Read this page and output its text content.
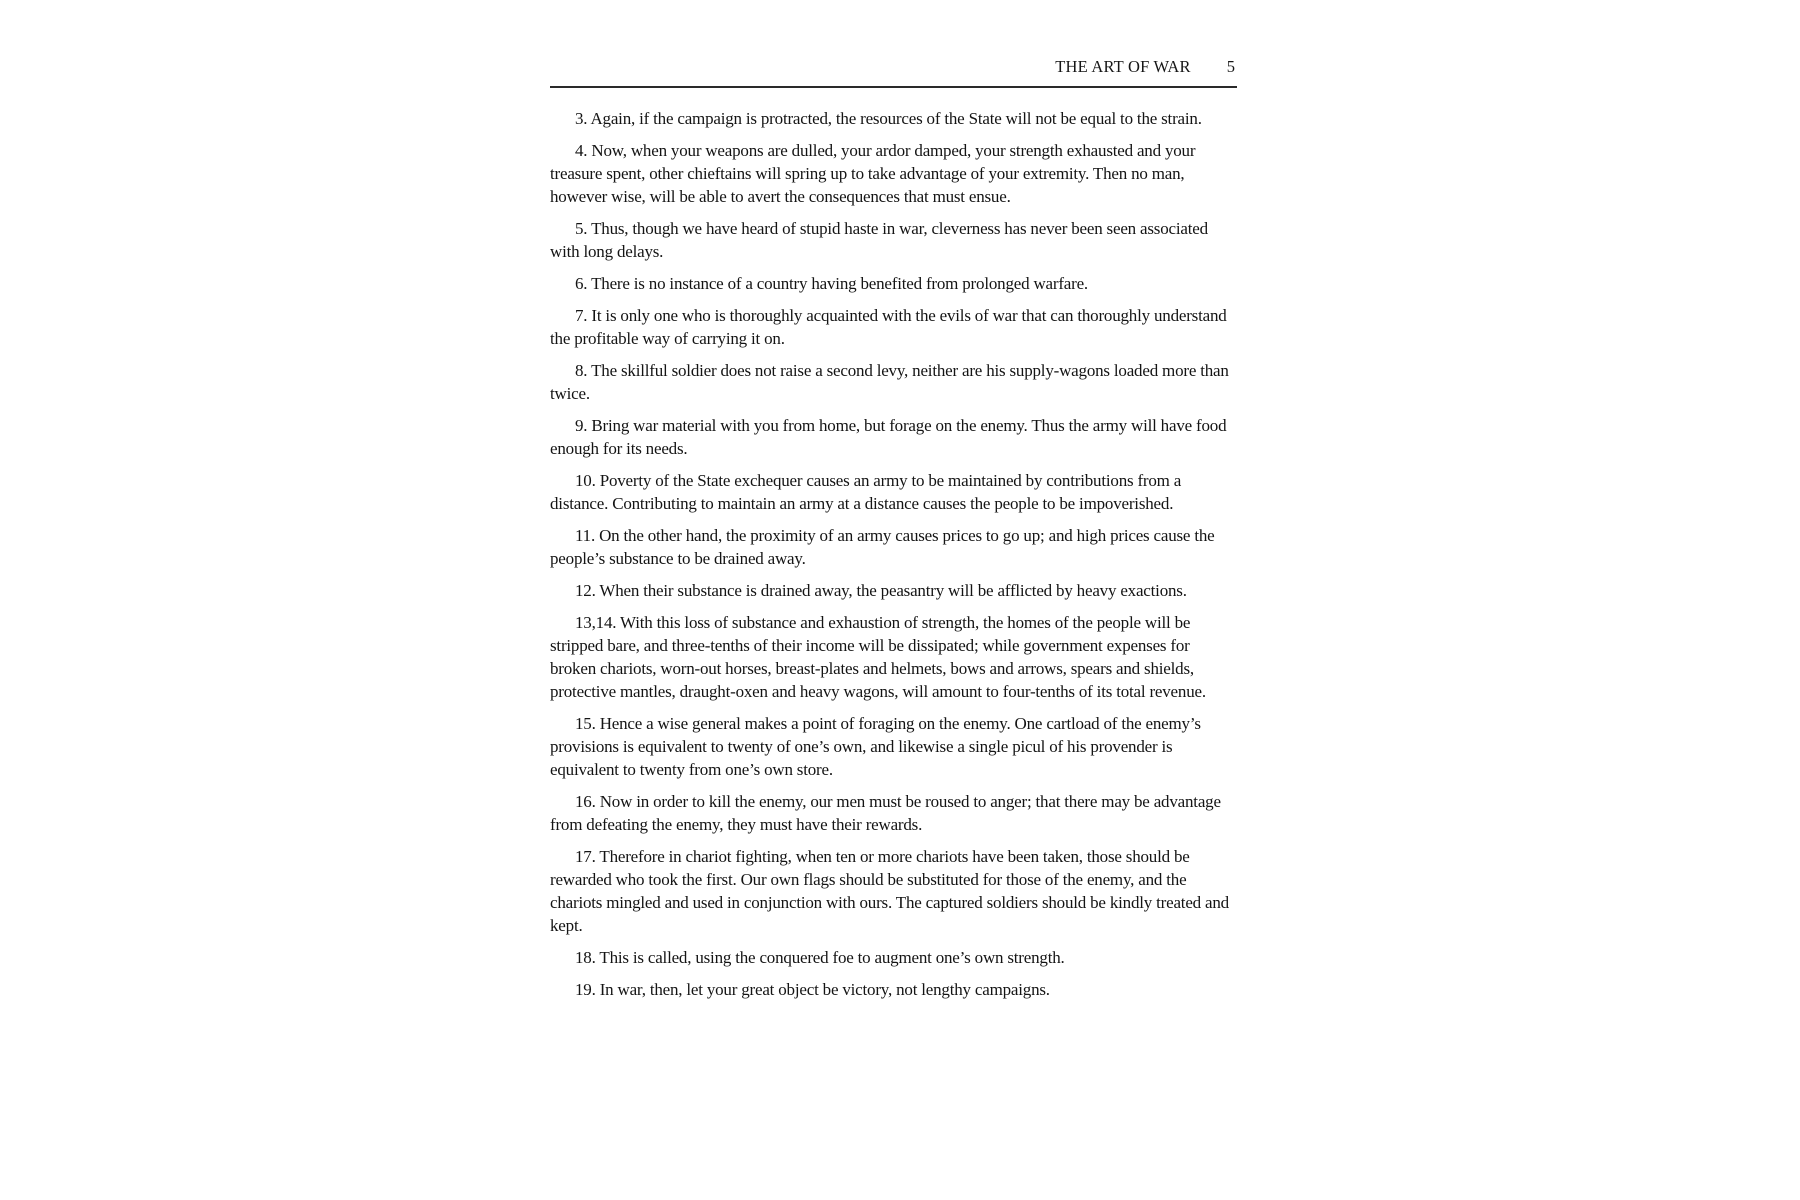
THE ART OF WAR 5

3. Again, if the campaign is protracted, the resources of the State will not be equal to the strain.

4. Now, when your weapons are dulled, your ardor damped, your strength exhausted and your treasure spent, other chieftains will spring up to take advantage of your extremity. Then no man, however wise, will be able to avert the consequences that must ensue.

5. Thus, though we have heard of stupid haste in war, cleverness has never been seen associated with long delays.

6. There is no instance of a country having benefited from prolonged warfare.

7. It is only one who is thoroughly acquainted with the evils of war that can thoroughly understand the profitable way of carrying it on.

8. The skillful soldier does not raise a second levy, neither are his supply-wagons loaded more than twice.

9. Bring war material with you from home, but forage on the enemy. Thus the army will have food enough for its needs.

10. Poverty of the State exchequer causes an army to be maintained by contributions from a distance. Contributing to maintain an army at a distance causes the people to be impoverished.

11. On the other hand, the proximity of an army causes prices to go up; and high prices cause the people’s substance to be drained away.

12. When their substance is drained away, the peasantry will be afflicted by heavy exactions.

13,14. With this loss of substance and exhaustion of strength, the homes of the people will be stripped bare, and three-tenths of their income will be dissipated; while government expenses for broken chariots, worn-out horses, breast-plates and helmets, bows and arrows, spears and shields, protective mantles, draught-oxen and heavy wagons, will amount to four-tenths of its total revenue.

15. Hence a wise general makes a point of foraging on the enemy. One cartload of the enemy’s provisions is equivalent to twenty of one’s own, and likewise a single picul of his provender is equivalent to twenty from one’s own store.

16. Now in order to kill the enemy, our men must be roused to anger; that there may be advantage from defeating the enemy, they must have their rewards.

17. Therefore in chariot fighting, when ten or more chariots have been taken, those should be rewarded who took the first. Our own flags should be substituted for those of the enemy, and the chariots mingled and used in conjunction with ours. The captured soldiers should be kindly treated and kept.

18. This is called, using the conquered foe to augment one’s own strength.

19. In war, then, let your great object be victory, not lengthy campaigns.
